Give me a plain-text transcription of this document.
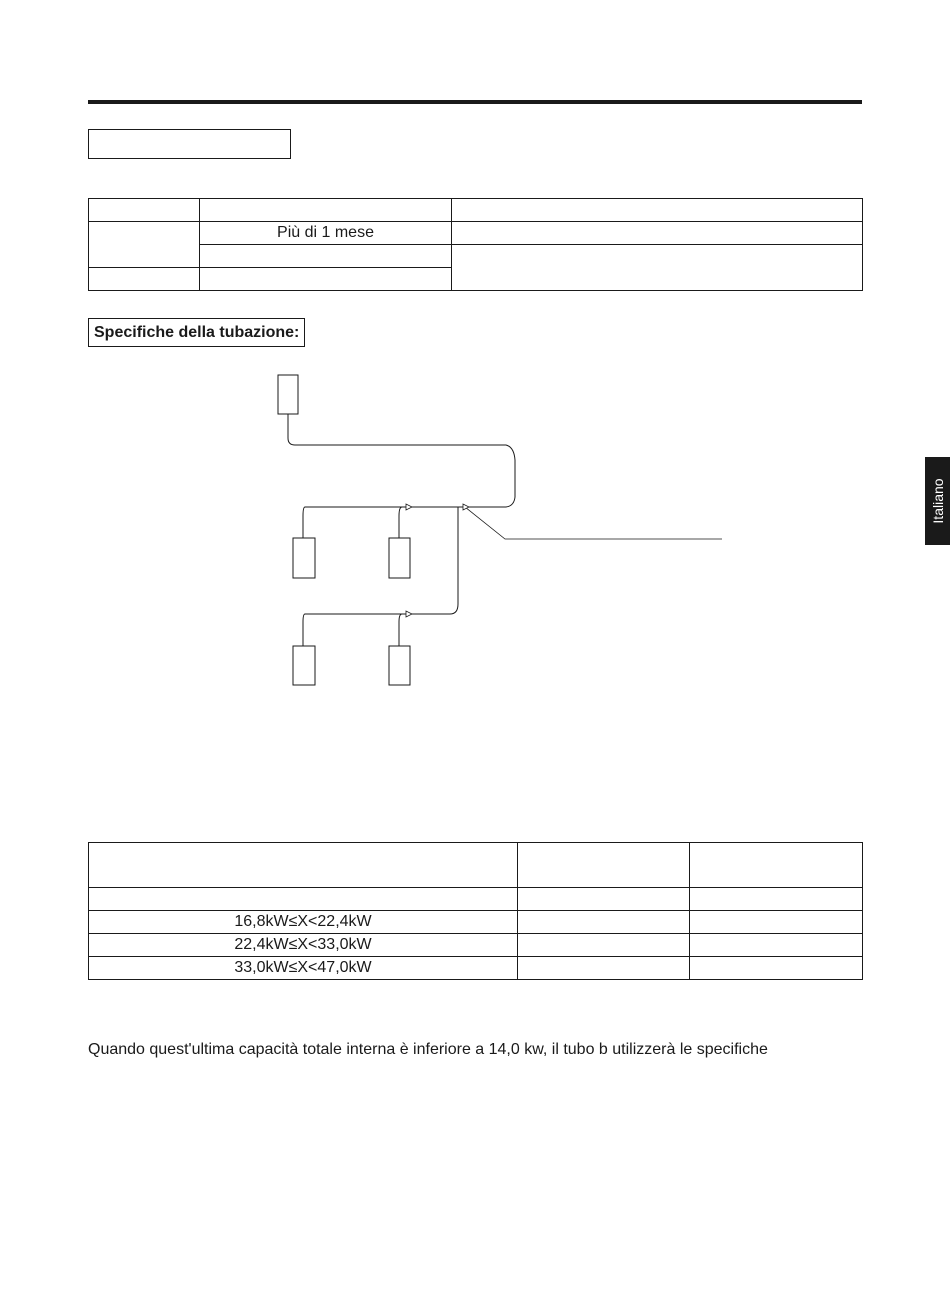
	Più di 1 mese	

Specifiche della tubazione:

16,8kW≤X<22,4kW		
22,4kW≤X<33,0kW		
33,0kW≤X<47,0kW		
Quando quest'ultima capacità totale interna è inferiore a 14,0 kw, il tubo b utilizzerà le specifiche
Italiano
